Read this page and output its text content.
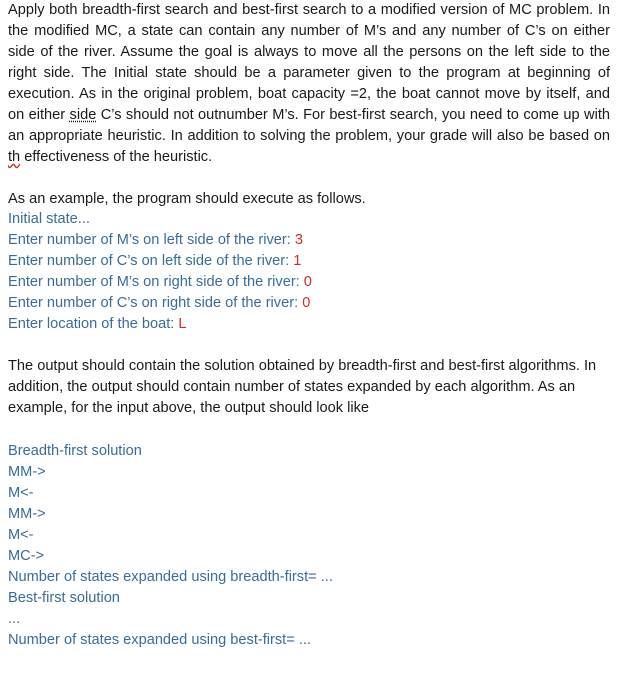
Apply both breadth-first search and best-first search to a modified version of MC problem. In the modified MC, a state can contain any number of M’s and any number of C’s on either side of the river. Assume the goal is always to move all the persons on the left side to the right side. The Initial state should be a parameter given to the program at beginning of execution. As in the original problem, boat capacity =2, the boat cannot move by itself, and on either side C’s should not outnumber M’s. For best-first search, you need to come up with an appropriate heuristic. In addition to solving the problem, your grade will also be based on th effectiveness of the heuristic.
As an example, the program should execute as follows.
Initial state...
Enter number of M’s on left side of the river: 3
Enter number of C’s on left side of the river: 1
Enter number of M’s on right side of the river: 0
Enter number of C’s on right side of the river: 0
Enter location of the boat: L
The output should contain the solution obtained by breadth-first and best-first algorithms. In addition, the output should contain number of states expanded by each algorithm. As an example, for the input above, the output should look like
Breadth-first solution
MM->
M<-
MM->
M<-
MC->
Number of states expanded using breadth-first= ...
Best-first solution
...
Number of states expanded using best-first= ...
